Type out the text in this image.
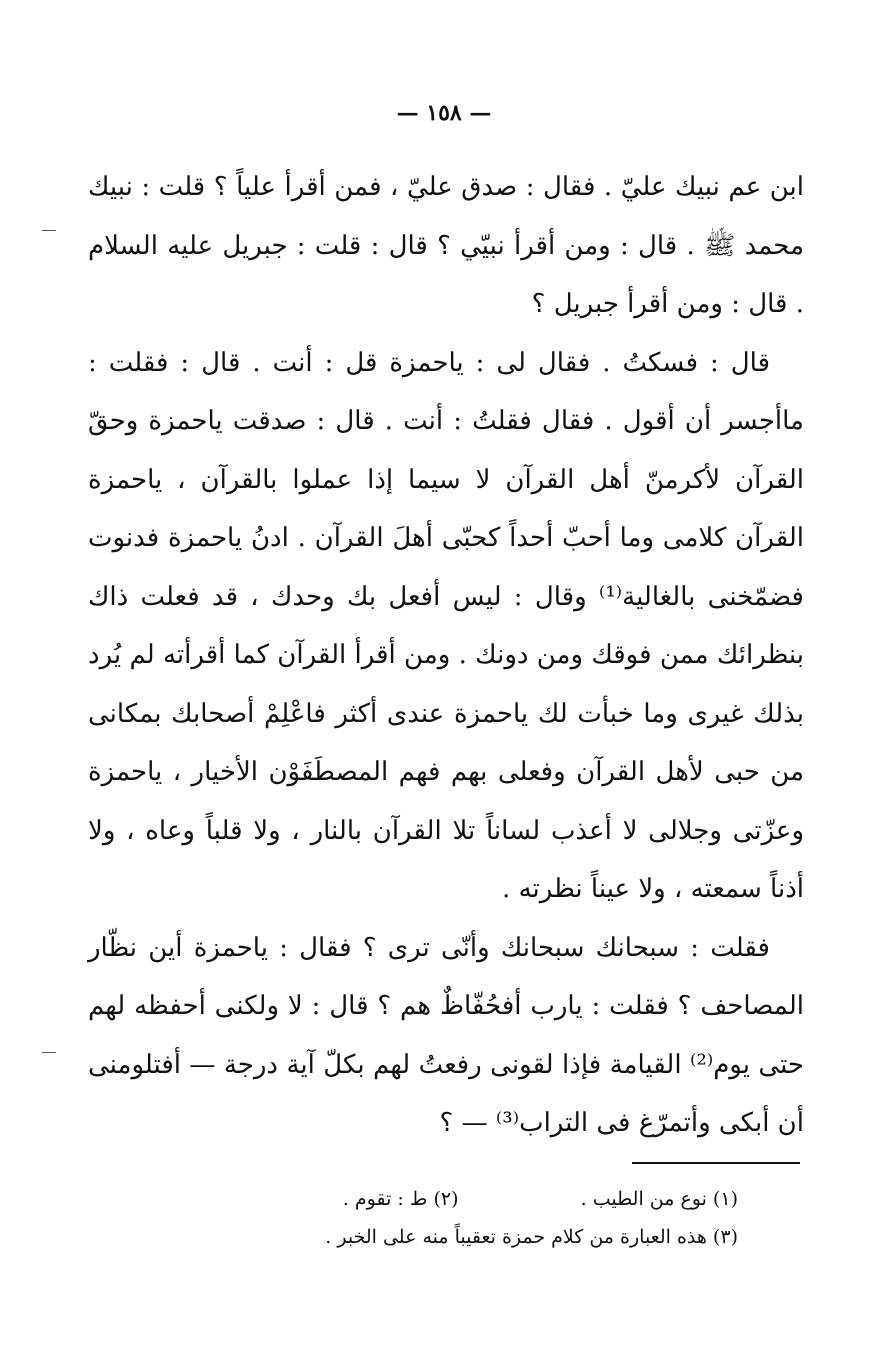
— ١٥٨ —

ابن عم نبيك عليّ . فقال : صدق عليّ ، فمن أقرأ علياً ؟ قلت : نبيك محمد ﷺ . قال : ومن أقرأ نبيّي ؟ قال : قلت : جبريل عليه السلام . قال : ومن أقرأ جبريل ؟

قال : فسكتُ . فقال لى : ياحمزة قل : أنت . قال : فقلت : ماأجسر أن أقول . فقال فقلتُ : أنت . قال : صدقت ياحمزة وحقّ القرآن لأكرمنّ أهل القرآن لا سيما إذا عملوا بالقرآن ، ياحمزة القرآن كلامى وما أحبّ أحداً كحبّى أهلَ القرآن . ادنُ ياحمزة فدنوت فضمّخنى بالغالية⁽¹⁾ وقال : ليس أفعل بك وحدك ، قد فعلت ذاك بنظرائك ممن فوقك ومن دونك . ومن أقرأ القرآن كما أقرأته لم يُرد بذلك غيرى وما خبأت لك ياحمزة عندى أكثر فاعْلِمْ أصحابك بمكانى من حبى لأهل القرآن وفعلى بهم فهم المصطَفَوْن الأخيار ، ياحمزة وعزّتى وجلالى لا أعذب لساناً تلا القرآن بالنار ، ولا قلباً وعاه ، ولا أذناً سمعته ، ولا عيناً نظرته .

فقلت : سبحانك سبحانك وأنّى ترى ؟ فقال : ياحمزة أين نظّار المصاحف ؟ فقلت : يارب أفحُفّاظٌ هم ؟ قال : لا ولكنى أحفظه لهم حتى يوم⁽²⁾ القيامة فإذا لقونى رفعتُ لهم بكلّ آية درجة — أفتلومنى أن أبكى وأتمرّغ فى التراب⁽³⁾ — ؟

(١) نوع من الطيب .  (٢) ط : تقوم .
(٣) هذه العبارة من كلام حمزة تعقيباً منه على الخبر .
